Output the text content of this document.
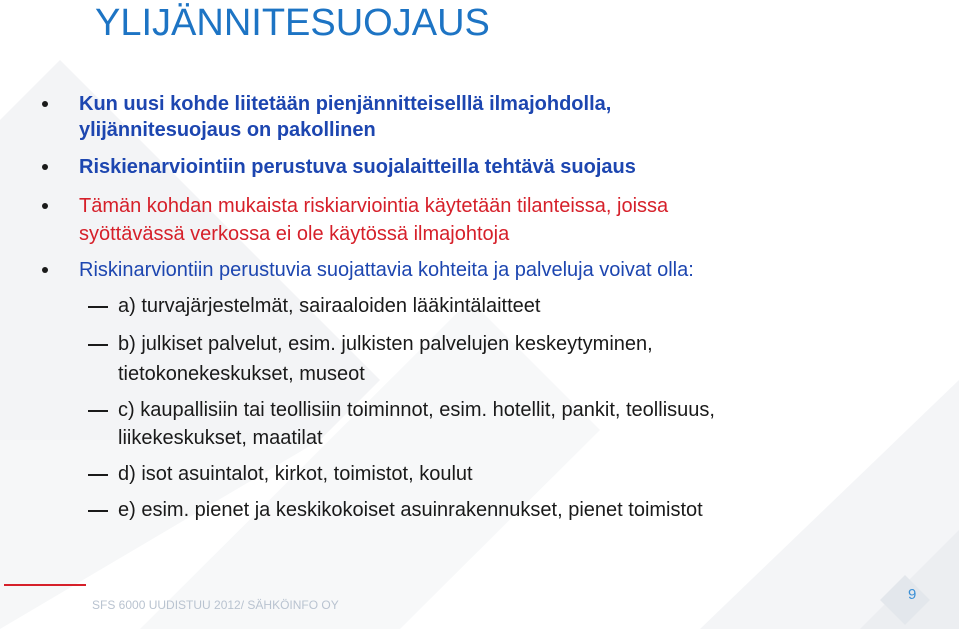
YLIJÄNNITESUOJAUS
Kun uusi kohde liitetään pienjännitteiselllä ilmajohdolla,
ylijännitesuojaus on pakollinen
Riskienarviointiin perustuva suojalaitteilla tehtävä suojaus
Tämän kohdan mukaista riskiarviointia käytetään tilanteissa, joissa
syöttävässä verkossa ei ole käytössä ilmajohtoja
Riskinarviontiin perustuvia suojattavia kohteita ja palveluja voivat olla:
a) turvajärjestelmät, sairaaloiden lääkintälaitteet
b) julkiset palvelut, esim. julkisten palvelujen keskeytyminen,
tietokonekeskukset, museot
c) kaupallisiin tai teollisiin toiminnot, esim. hotellit, pankit, teollisuus,
liikekeskukset, maatilat
d) isot asuintalot, kirkot, toimistot, koulut
e) esim. pienet ja keskikokoiset asuinrakennukset, pienet toimistot
SFS 6000 UUDISTUU 2012/ SÄHKÖINFO OY
9
